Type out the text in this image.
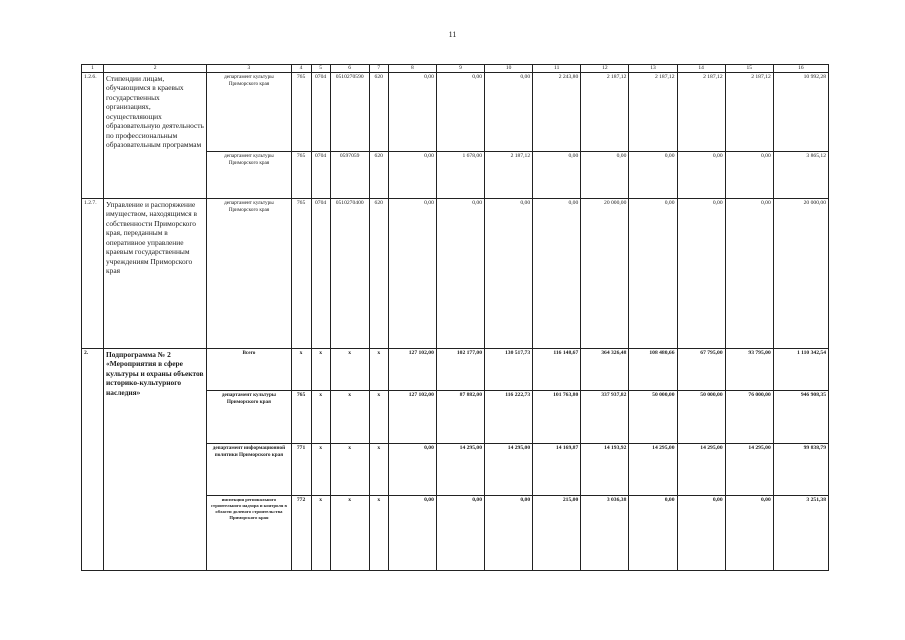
11
1	2	3	4	5	6	7	8	9	10	11	12	13	14	15	16
1.2.6.	Стипендии лицам, обучающимся в краевых государственных организациях, осуществляющих образовательную деятельность по профессиональным образовательным программам	департамент культуры Приморского края	765	0704	0510270590	620	0,00	0,00	0,00	2 243,80	2 187,12	2 187,12	2 187,12	2 187,12	10 992,28
		департамент культуры Приморского края	765	0704	0597059	620	0,00	1 678,00	2 187,12	0,00	0,00	0,00	0,00	0,00	3 865,12
1.2.7.	Управление и распоряжение имуществом, находящимся в собственности Приморского края, переданным в оперативное управление краевым государственным учреждениям Приморского края	департамент культуры Приморского края	765	0704	0510270400	620	0,00	0,00	0,00	0,00	20 000,00	0,00	0,00	0,00	20 000,00
2.	Подпрограмма № 2 «Мероприятия в сфере культуры и охраны объектов историко-культурного наследия»	Всего	x	x	x	x	127 102,00	102 177,00	130 517,73	116 148,67	364 326,48	108 480,66	67 795,00	93 795,00	1 110 342,54
		департамент культуры Приморского края	765	x	x	x	127 102,00	87 882,00	116 222,73	101 763,80	337 937,82	50 000,00	50 000,00	76 000,00	946 908,35
		департамент информационной политики Приморского края	771	x	x	x	0,00	14 295,00	14 295,00	14 169,87	14 193,92	14 295,00	14 295,00	14 295,00	99 838,79
		инспекция регионального строительного надзора и контроля в области долевого строительства Приморского края	772	x	x	x	0,00	0,00	0,00	215,00	3 036,38	0,00	0,00	0,00	3 251,38
